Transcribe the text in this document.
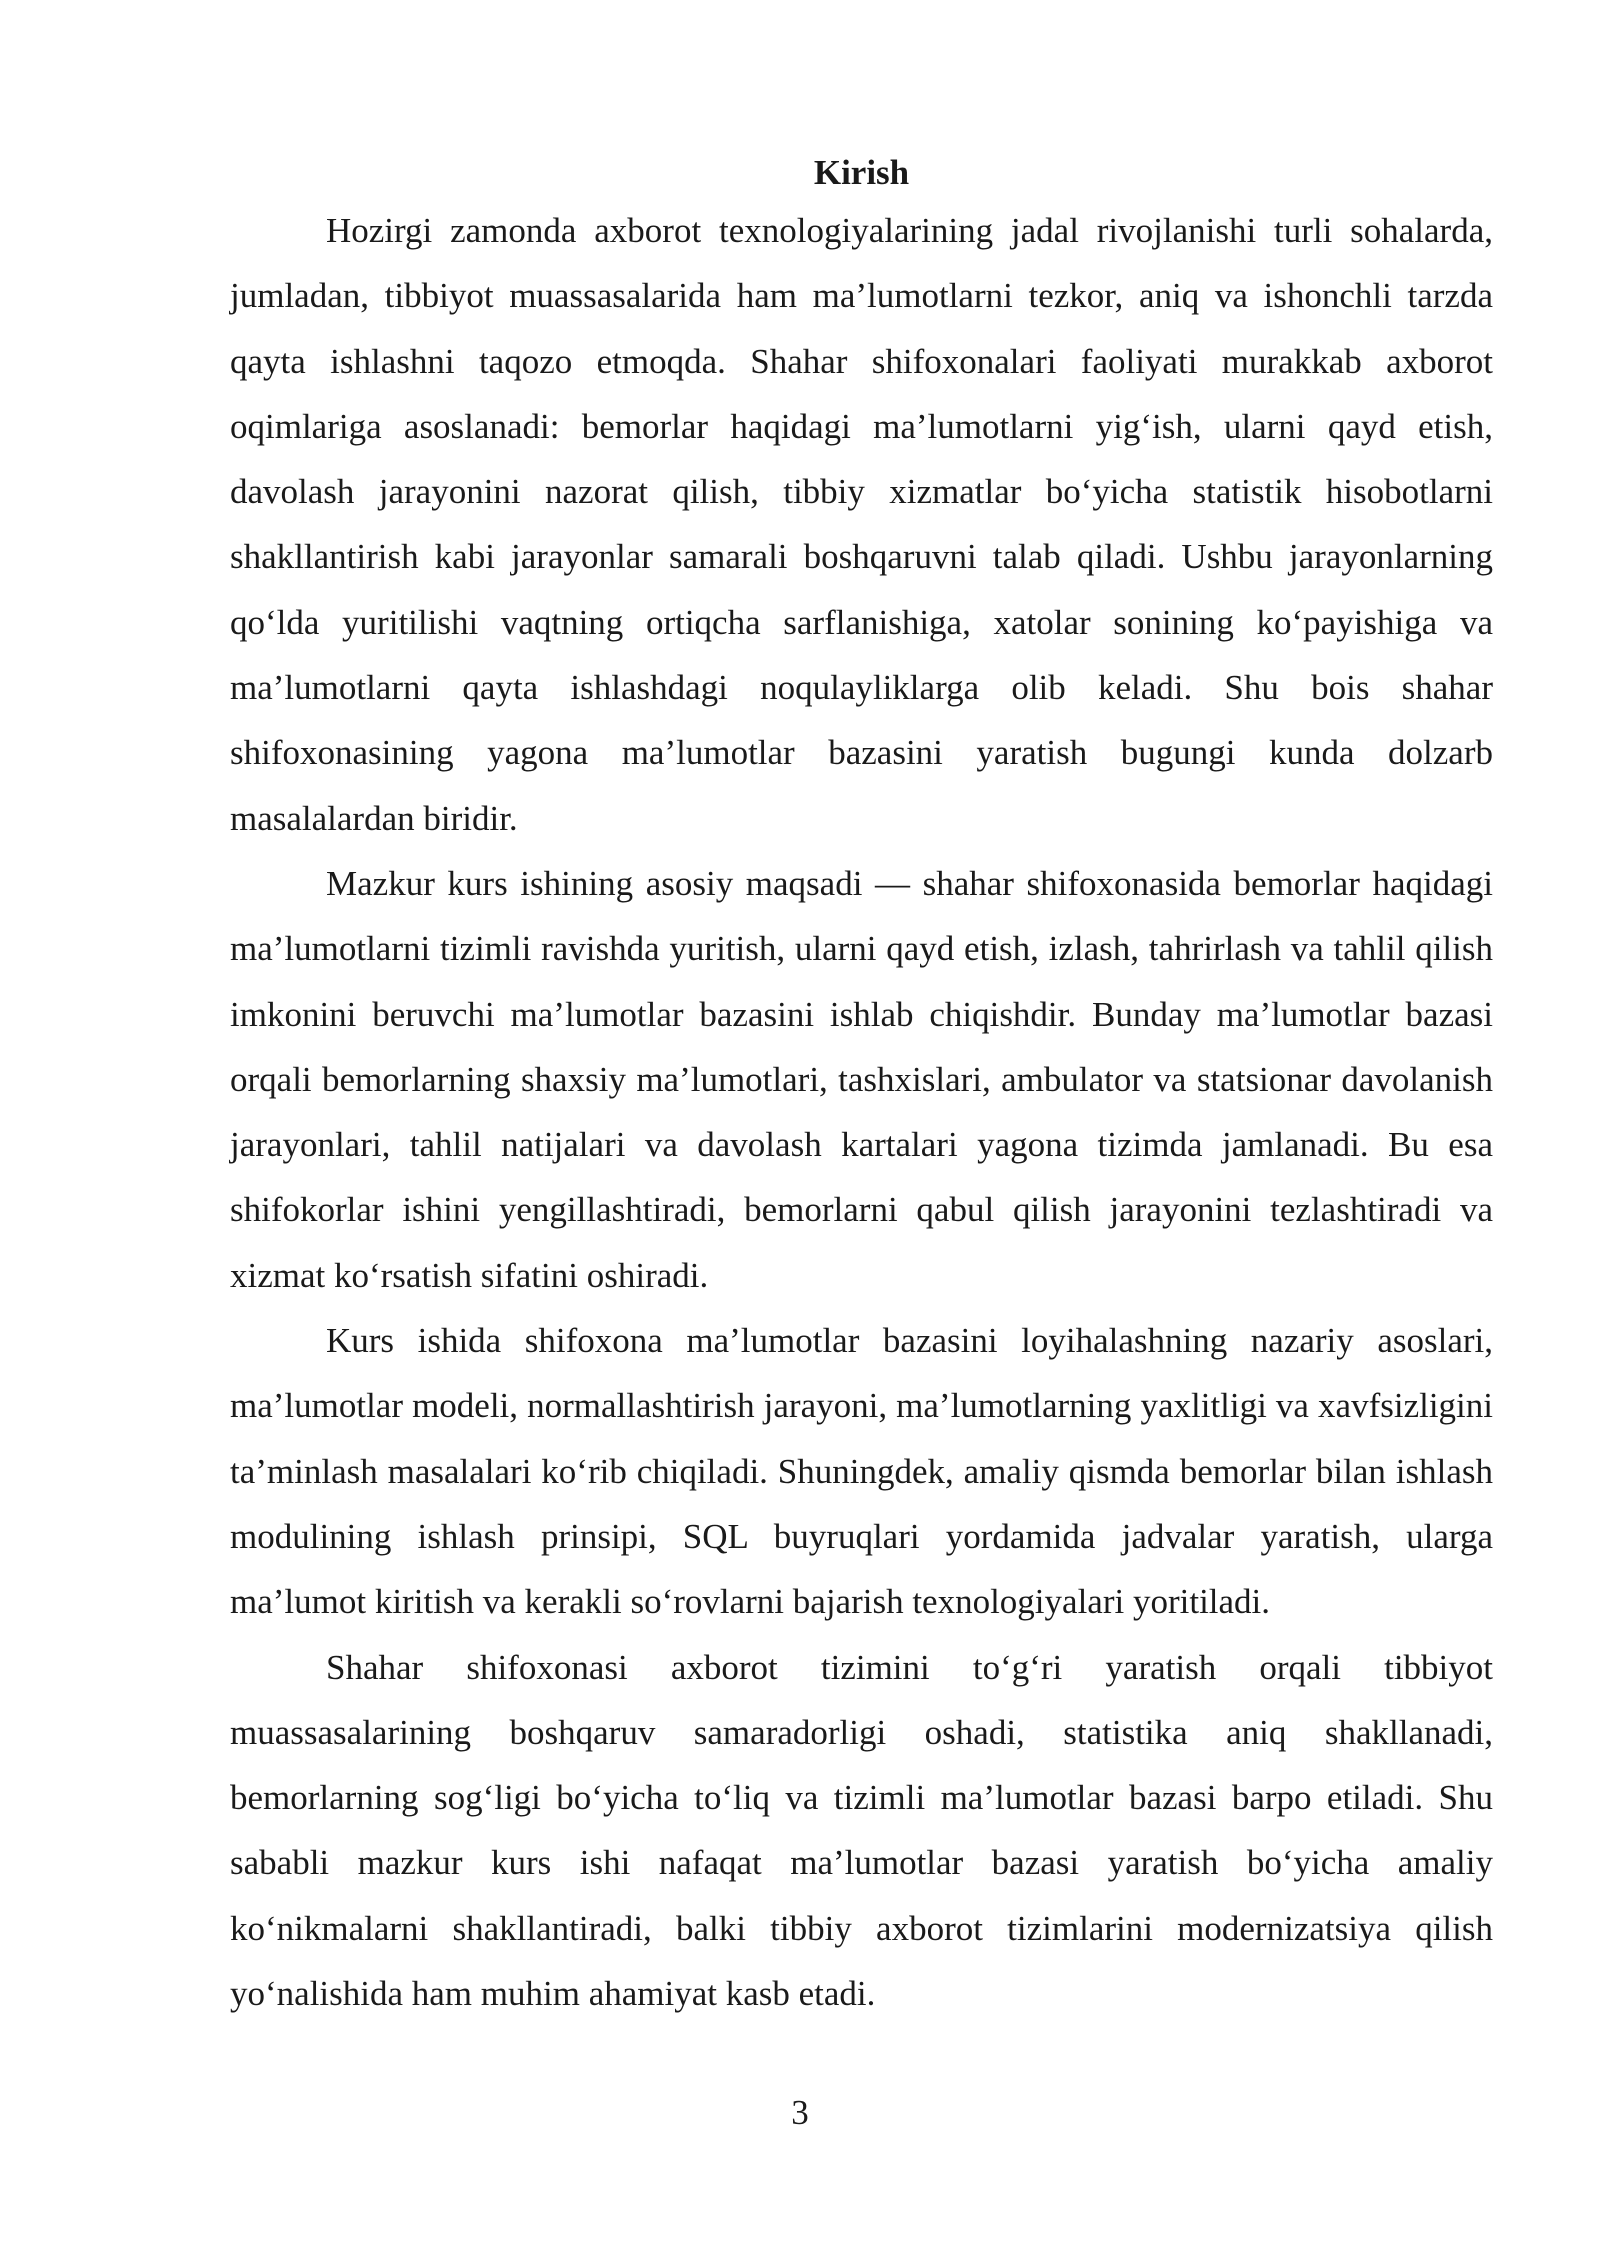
Kirish

Hozirgi zamonda axborot texnologiyalarining jadal rivojlanishi turli sohalarda, jumladan, tibbiyot muassasalarida ham ma’lumotlarni tezkor, aniq va ishonchli tarzda qayta ishlashni taqozo etmoqda. Shahar shifoxonalari faoliyati murakkab axborot oqimlariga asoslanadi: bemorlar haqidagi ma’lumotlarni yig‘ish, ularni qayd etish, davolash jarayonini nazorat qilish, tibbiy xizmatlar bo‘yicha statistik hisobotlarni shakllantirish kabi jarayonlar samarali boshqaruvni talab qiladi. Ushbu jarayonlarning qo‘lda yuritilishi vaqtning ortiqcha sarflanishiga, xatolar sonining ko‘payishiga va ma’lumotlarni qayta ishlashdagi noqulayliklarga olib keladi. Shu bois shahar shifoxonasining yagona ma’lumotlar bazasini yaratish bugungi kunda dolzarb masalalardan biridir.

Mazkur kurs ishining asosiy maqsadi — shahar shifoxonasida bemorlar haqidagi ma’lumotlarni tizimli ravishda yuritish, ularni qayd etish, izlash, tahrirlash va tahlil qilish imkonini beruvchi ma’lumotlar bazasini ishlab chiqishdir. Bunday ma’lumotlar bazasi orqali bemorlarning shaxsiy ma’lumotlari, tashxislari, ambulator va statsionar davolanish jarayonlari, tahlil natijalari va davolash kartalari yagona tizimda jamlanadi. Bu esa shifokorlar ishini yengillashtiradi, bemorlarni qabul qilish jarayonini tezlashtiradi va xizmat ko‘rsatish sifatini oshiradi.

Kurs ishida shifoxona ma’lumotlar bazasini loyihalashning nazariy asoslari, ma’lumotlar modeli, normallashtirish jarayoni, ma’lumotlarning yaxlitligi va xavfsizligini ta’minlash masalalari ko‘rib chiqiladi. Shuningdek, amaliy qismda bemorlar bilan ishlash modulining ishlash prinsipi, SQL buyruqlari yordamida jadvalar yaratish, ularga ma’lumot kiritish va kerakli so‘rovlarni bajarish texnologiyalari yoritiladi.

Shahar shifoxonasi axborot tizimini to‘g‘ri yaratish orqali tibbiyot muassasalarining boshqaruv samaradorligi oshadi, statistika aniq shakllanadi, bemorlarning sog‘ligi bo‘yicha to‘liq va tizimli ma’lumotlar bazasi barpo etiladi. Shu sababli mazkur kurs ishi nafaqat ma’lumotlar bazasi yaratish bo‘yicha amaliy ko‘nikmalarni shakllantiradi, balki tibbiy axborot tizimlarini modernizatsiya qilish yo‘nalishida ham muhim ahamiyat kasb etadi.

3
